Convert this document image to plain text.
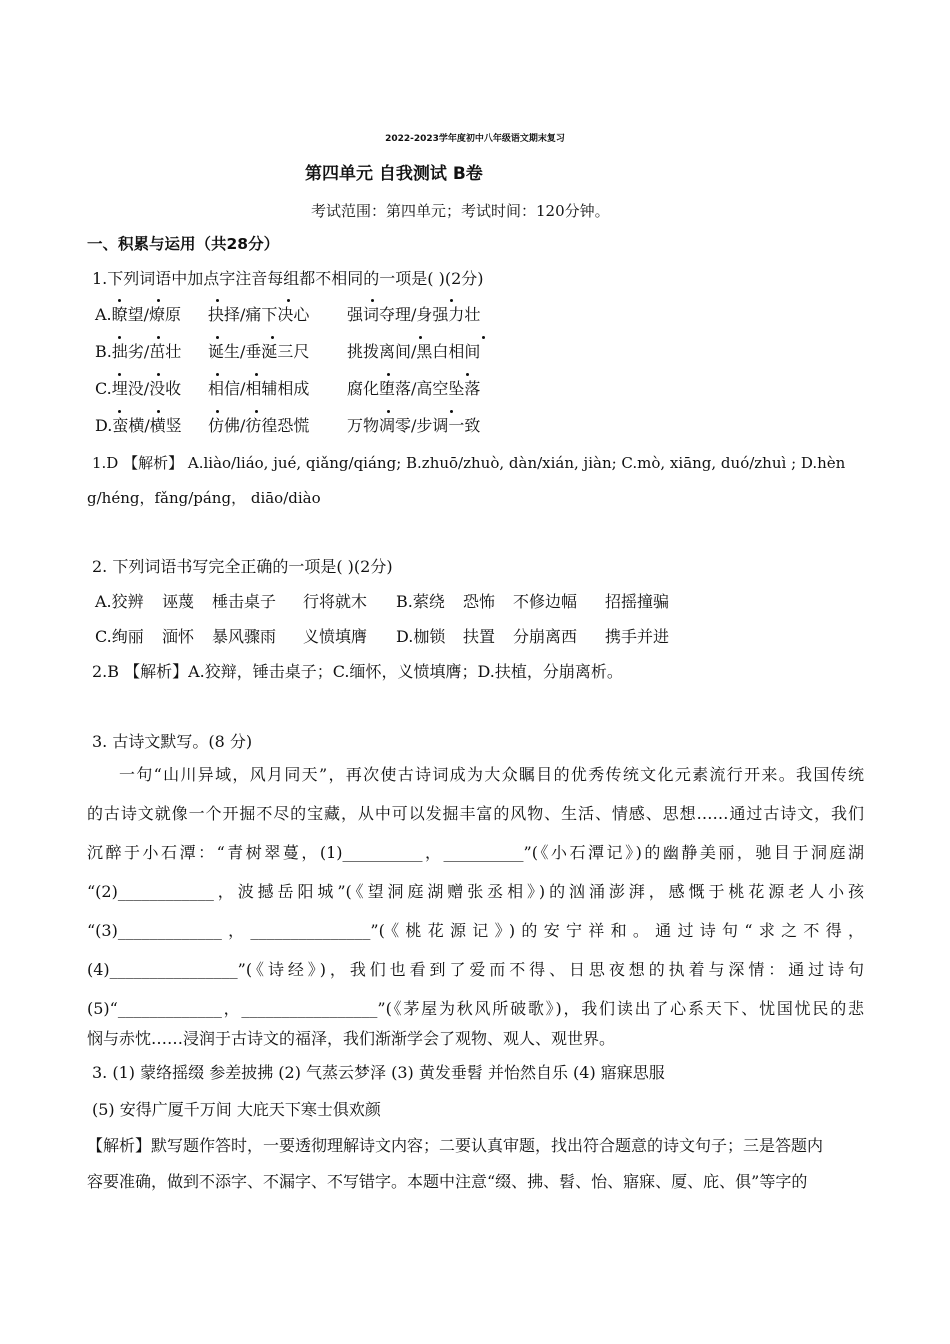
2022-2023学年度初中八年级语文期末复习
第四单元 自我测试 B卷
考试范围：第四单元；考试时间：120分钟。
一、积累与运用（共28分）
1.下列词语中加点字注音每组都不相同的一项是( )(2分)
A.瞭望/燎原 抉择/痛下决心 强词夺理/身强力壮
B.拙劣/茁壮 诞生/垂涎三尺 挑拨离间/黑白相间
C.埋没/没收 相信/相辅相成 腐化堕落/高空坠落
D.蛮横/横竖 仿佛/彷徨恐慌 万物凋零/步调一致
1.D 【解析】 A.liào/liáo, jué, qiǎng/qiáng; B.zhuō/zhuò, dàn/xián, jiàn; C.mò, xiāng, duó/zhuì ; D.hèn
g/héng，fǎng/páng， diāo/diào
2. 下列词语书写完全正确的一项是( )(2分)
A.狡辨 诬蔑 棰击桌子 行将就木 B.萦绕 恐怖 不修边幅 招摇撞骗
C.绚丽 湎怀 暴风骤雨 义愤填膺 D.枷锁 扶置 分崩离西 携手并进
2.B 【解析】A.狡辩，锤击桌子；C.缅怀，义愤填膺；D.扶植，分崩离析。
3. 古诗文默写。(8 分)
一句“山川异域，风月同天”，再次使古诗词成为大众瞩目的优秀传统文化元素流行开来。我国传统
的古诗文就像一个开掘不尽的宝藏，从中可以发掘丰富的风物、生活、情感、思想……通过古诗文，我们
沉醉于小石潭：“青树翠蔓，(1)__________，__________”(《小石潭记》)的幽静美丽，驰目于洞庭湖
“(2)____________，波撼岳阳城”(《望洞庭湖赠张丞相》)的汹涌澎湃，感慨于桃花源老人小孩
“(3)_____________，_______________”(《桃花源记》)的安宁祥和。通过诗句“求之不得，
(4)________________”(《诗经》)，我们也看到了爱而不得、日思夜想的执着与深情：通过诗句
(5)“_____________，_________________”(《茅屋为秋风所破歌》)，我们读出了心系天下、忧国忧民的悲
悯与赤忱……浸润于古诗文的福泽，我们渐渐学会了观物、观人、观世界。
3. (1) 蒙络摇缀 参差披拂 (2) 气蒸云梦泽 (3) 黄发垂髫 并怡然自乐 (4) 寤寐思服
(5) 安得广厦千万间 大庇天下寒士俱欢颜
【解析】默写题作答时，一要透彻理解诗文内容；二要认真审题，找出符合题意的诗文句子；三是答题内
容要准确，做到不添字、不漏字、不写错字。本题中注意“缀、拂、髫、怡、寤寐、厦、庇、俱”等字的
